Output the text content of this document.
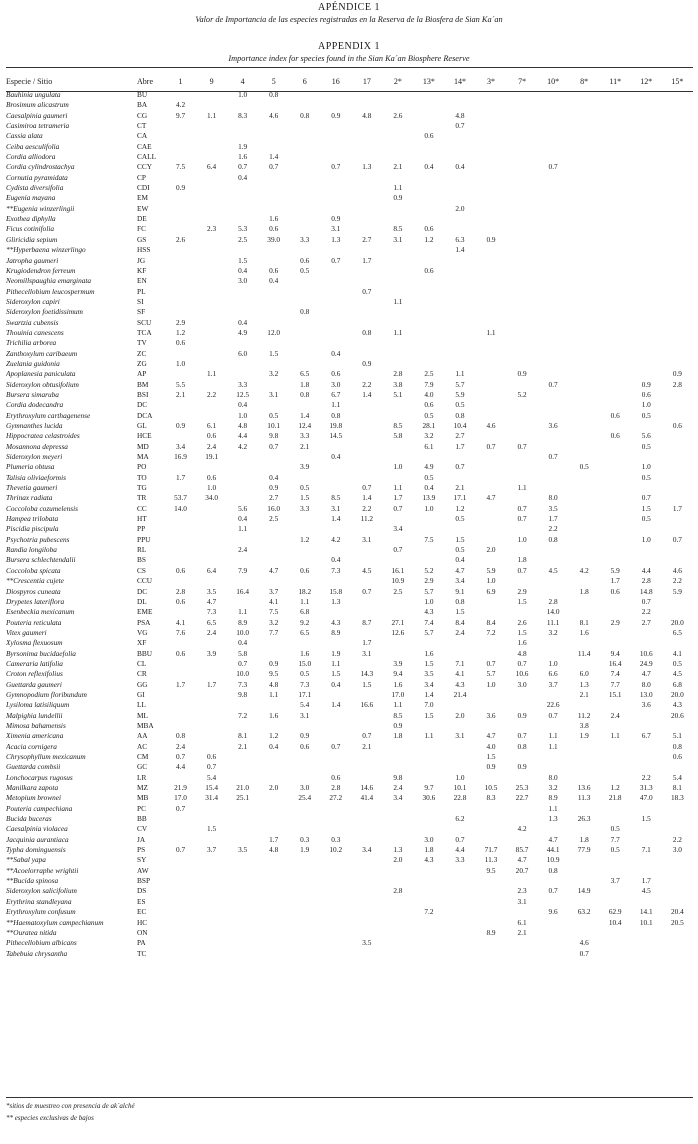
APÉNDICE 1
Valor de Importancia de las especies registradas en la Reserva de la Biosfera de Sian Ka´an
APPENDIX 1
Importance index for species found in the Sian Ka´an Biosphere Reserve
Especie / Sitio	Abre	1	9	4	5	6	16	17	2*	13*	14*	3*	7*	10*	8*	11*	12*	15*
Bauhinia ungulata	BU			1.0	0.8													
Brosimum alicastrum	BA	4.2																
Caesalpinia gaumeri	CG	9.7	1.1	8.3	4.6	0.8	0.9	4.8	2.6		4.8							
Casimiroa tetrameria	CT										0.7							
Cassia alata	CA									0.6								
Ceiba aesculifolia	CAE			1.9														
Cordia alliodora	CALL			1.6	1.4													
Cordia cylindrostachya	CCY	7.5	6.4	0.7	0.7		0.7	1.3	2.1	0.4	0.4			0.7				
Cornutia pyramidata	CP			0.4														
Cydista diversifolia	CDI	0.9							1.1									
Eugenia mayana	EM								0.9									
**Eugenia winzerlingii	EW										2.0							
Exothea diphylla	DE				1.6		0.9											
Ficus cotinifolia	FC		2.3	5.3	0.6		3.1		8.5	0.6								
Gliricidia sepium	GS	2.6		2.5	39.0	3.3	1.3	2.7	3.1	1.2	6.3	0.9						
**Hyperbaena winzerlingo	HSS										1.4							
Jatropha gaumeri	JG			1.5		0.6	0.7	1.7										
Krugiodendron ferreum	KF			0.4	0.6	0.5				0.6								
Neomillspaughia emarginata	EN			3.0	0.4													
Pithecellobium leucospermum	PL							0.7										
Sideroxylon capiri	SI								1.1									
Sideroxylon foetidissimum	SF					0.8												
Swartzia cubensis	SCU	2.9		0.4														
Thouinia canescens	TCA	1.2		4.9	12.0			0.8	1.1			1.1						
Trichilia arborea	TV	0.6																
Zanthoxylum caribaeum	ZC			6.0	1.5		0.4											
Zuelania guidonia	ZG	1.0						0.9										
Apoplanesia paniculata	AP		1.1		3.2	6.5	0.6		2.8	2.5	1.1		0.9					0.9
Sideroxylon obtusifolium	BM	5.5		3.3		1.8	3.0	2.2	3.8	7.9	5.7			0.7			0.9	2.8
Bursera simaruba	BSI	2.1	2.2	12.5	3.1	0.8	6.7	1.4	5.1	4.0	5.9		5.2				0.6	
Cordia dodecandra	DC			0.4			1.1			0.6	0.5						1.0	
Erythroxylum carthagenense	DCA			1.0	0.5	1.4	0.8			0.5	0.8					0.6	0.5	
Gymnanthes lucida	GL	0.9	6.1	4.8	10.1	12.4	19.8		8.5	28.1	10.4	4.6		3.6				0.6
Hippocratea celastroides	HCE		0.6	4.4	9.8	3.3	14.5		5.8	3.2	2.7					0.6	5.6	
Mosannona depressa	MD	3.4	2.4	4.2	0.7	2.1				6.1	1.7	0.7	0.7				0.5	
Sideroxylon meyeri	MA	16.9	19.1				0.4							0.7				
Plumeria obtusa	PO					3.9			1.0	4.9	0.7				0.5		1.0	
Talisia oliviaeformis	TO	1.7	0.6		0.4					0.5							0.5	
Thevetia gaumeri	TG		1.0		0.9	0.5		0.7	1.1	0.4	2.1		1.1					
Thrinax radiata	TR	53.7	34.0		2.7	1.5	8.5	1.4	1.7	13.9	17.1	4.7		8.0			0.7	
Coccoloba cozumelensis	CC	14.0		5.6	16.0	3.3	3.1	2.2	0.7	1.0	1.2		0.7	3.5			1.5	1.7
Hampea trilobata	HT			0.4	2.5		1.4	11.2			0.5		0.7	1.7			0.5	
Piscidia piscipula	PP			1.1					3.4					2.2				
Psychotria pubescens	PPU					1.2	4.2	3.1		7.5	1.5		1.0	0.8			1.0	0.7
Randia longiloba	RL			2.4					0.7		0.5	2.0						
Bursera schlechtendalii	BS						0.4				0.4		1.8					
Coccoloba spicata	CS	0.6	6.4	7.9	4.7	0.6	7.3	4.5	16.1	5.2	4.7	5.9	0.7	4.5	4.2	5.9	4.4	4.6
**Crescentia cujete	CCU								10.9	2.9	3.4	1.0				1.7	2.8	2.2
Diospyros cuneata	DC	2.8	3.5	16.4	3.7	18.2	15.8	0.7	2.5	5.7	9.1	6.9	2.9		1.8	0.6	14.8	5.9
Drypetes lateriflora	DL	0.6	4.7		4.1	1.1	1.3			1.0	0.8		1.5	2.8			0.7	
Esenbeckia mexicanum	EME		7.3	1.1	7.5	6.8				4.3	1.5			14.0			2.2	
Pouteria reticulata	PSA	4.1	6.5	8.9	3.2	9.2	4.3	8.7	27.1	7.4	8.4	8.4	2.6	11.1	8.1	2.9	2.7	20.0
Vitex gaumeri	VG	7.6	2.4	10.0	7.7	6.5	8.9		12.6	5.7	2.4	7.2	1.5	3.2	1.6			6.5
Xylosma flexuosum	XF			0.4				1.7					1.6					
Byrsonima bucidaefolia	BBU	0.6	3.9	5.8		1.6	1.9	3.1		1.6			4.8		11.4	9.4	10.6	4.1
Cameraria latifolia	CL			0.7	0.9	15.0	1.1		3.9	1.5	7.1	0.7	0.7	1.0		16.4	24.9	0.5
Croton reflexifolius	CR			10.0	9.5	0.5	1.5	14.3	9.4	3.5	4.1	5.7	10.6	6.6	6.0	7.4	4.7	4.5
Guettarda gaumeri	GG	1.7	1.7	7.3	4.8	7.3	0.4	1.5	1.6	3.4	4.3	1.0	3.0	3.7	1.3	7.7	8.0	6.8
Gymnopodium floribundum	GI			9.8	1.1	17.1			17.0	1.4	21.4				2.1	15.1	13.0	20.0
Lysiloma latisiliquum	LL					5.4	1.4	16.6	1.1	7.0				22.6			3.6	4.3
Malpighia lundellii	ML			7.2	1.6	3.1			8.5	1.5	2.0	3.6	0.9	0.7	11.2	2.4		20.6
Mimosa bahamensis	MBA								0.9						3.8			
Ximenia americana	AA	0.8		8.1	1.2	0.9		0.7	1.8	1.1	3.1	4.7	0.7	1.1	1.9	1.1	6.7	5.1
Acacia cornigera	AC	2.4		2.1	0.4	0.6	0.7	2.1				4.0	0.8	1.1				0.8
Chrysophyllum mexicanum	CM	0.7	0.6									1.5						0.6
Guettarda combsii	GC	4.4	0.7									0.9	0.9					
Lonchocarpus rugosus	LR		5.4				0.6		9.8		1.0			8.0			2.2	5.4
Manilkara zapota	MZ	21.9	15.4	21.0	2.0	3.0	2.8	14.6	2.4	9.7	10.1	10.5	25.3	3.2	13.6	1.2	31.3	8.1
Metopium brownei	MB	17.0	31.4	25.1		25.4	27.2	41.4	3.4	30.6	22.8	8.3	22.7	8.9	11.3	21.8	47.0	18.3
Pouteria campechiana	PC	0.7												1.1				
Bucida buceras	BB										6.2			1.3	26.3		1.5	
Caesalpinia violacea	CV		1.5										4.2			0.5		
Jacquinia aurantiaca	JA				1.7	0.3	0.3			3.0	0.7			4.7	1.8	7.7		2.2
Typha dominguensis	PS	0.7	3.7	3.5	4.8	1.9	10.2	3.4	1.3	1.8	4.4	71.7	85.7	44.1	77.9	0.5	7.1	3.0
**Sabal yapa	SY								2.0	4.3	3.3	11.3	4.7	10.9				
**Acoelorraphe wrightii	AW											9.5	20.7	0.8				
**Bucida spinosa	BSP															3.7	1.7	
Sideroxylon salicifolium	DS								2.8				2.3	0.7	14.9		4.5	
Erythrina standleyana	ES												3.1					
Erythroxylum confusum	EC									7.2				9.6	63.2	62.9	14.1	20.4
**Haematoxylum campechianum	HC												6.1			10.4	10.1	20.5
**Ouratea nitida	ON											8.9	2.1					
Pithecellobium albicans	PA							3.5							4.6			
Tabebuia chrysantha	TC														0.7			
*sitios de muestreo con presencia de ak´alché
** especies exclusivas de bajos
